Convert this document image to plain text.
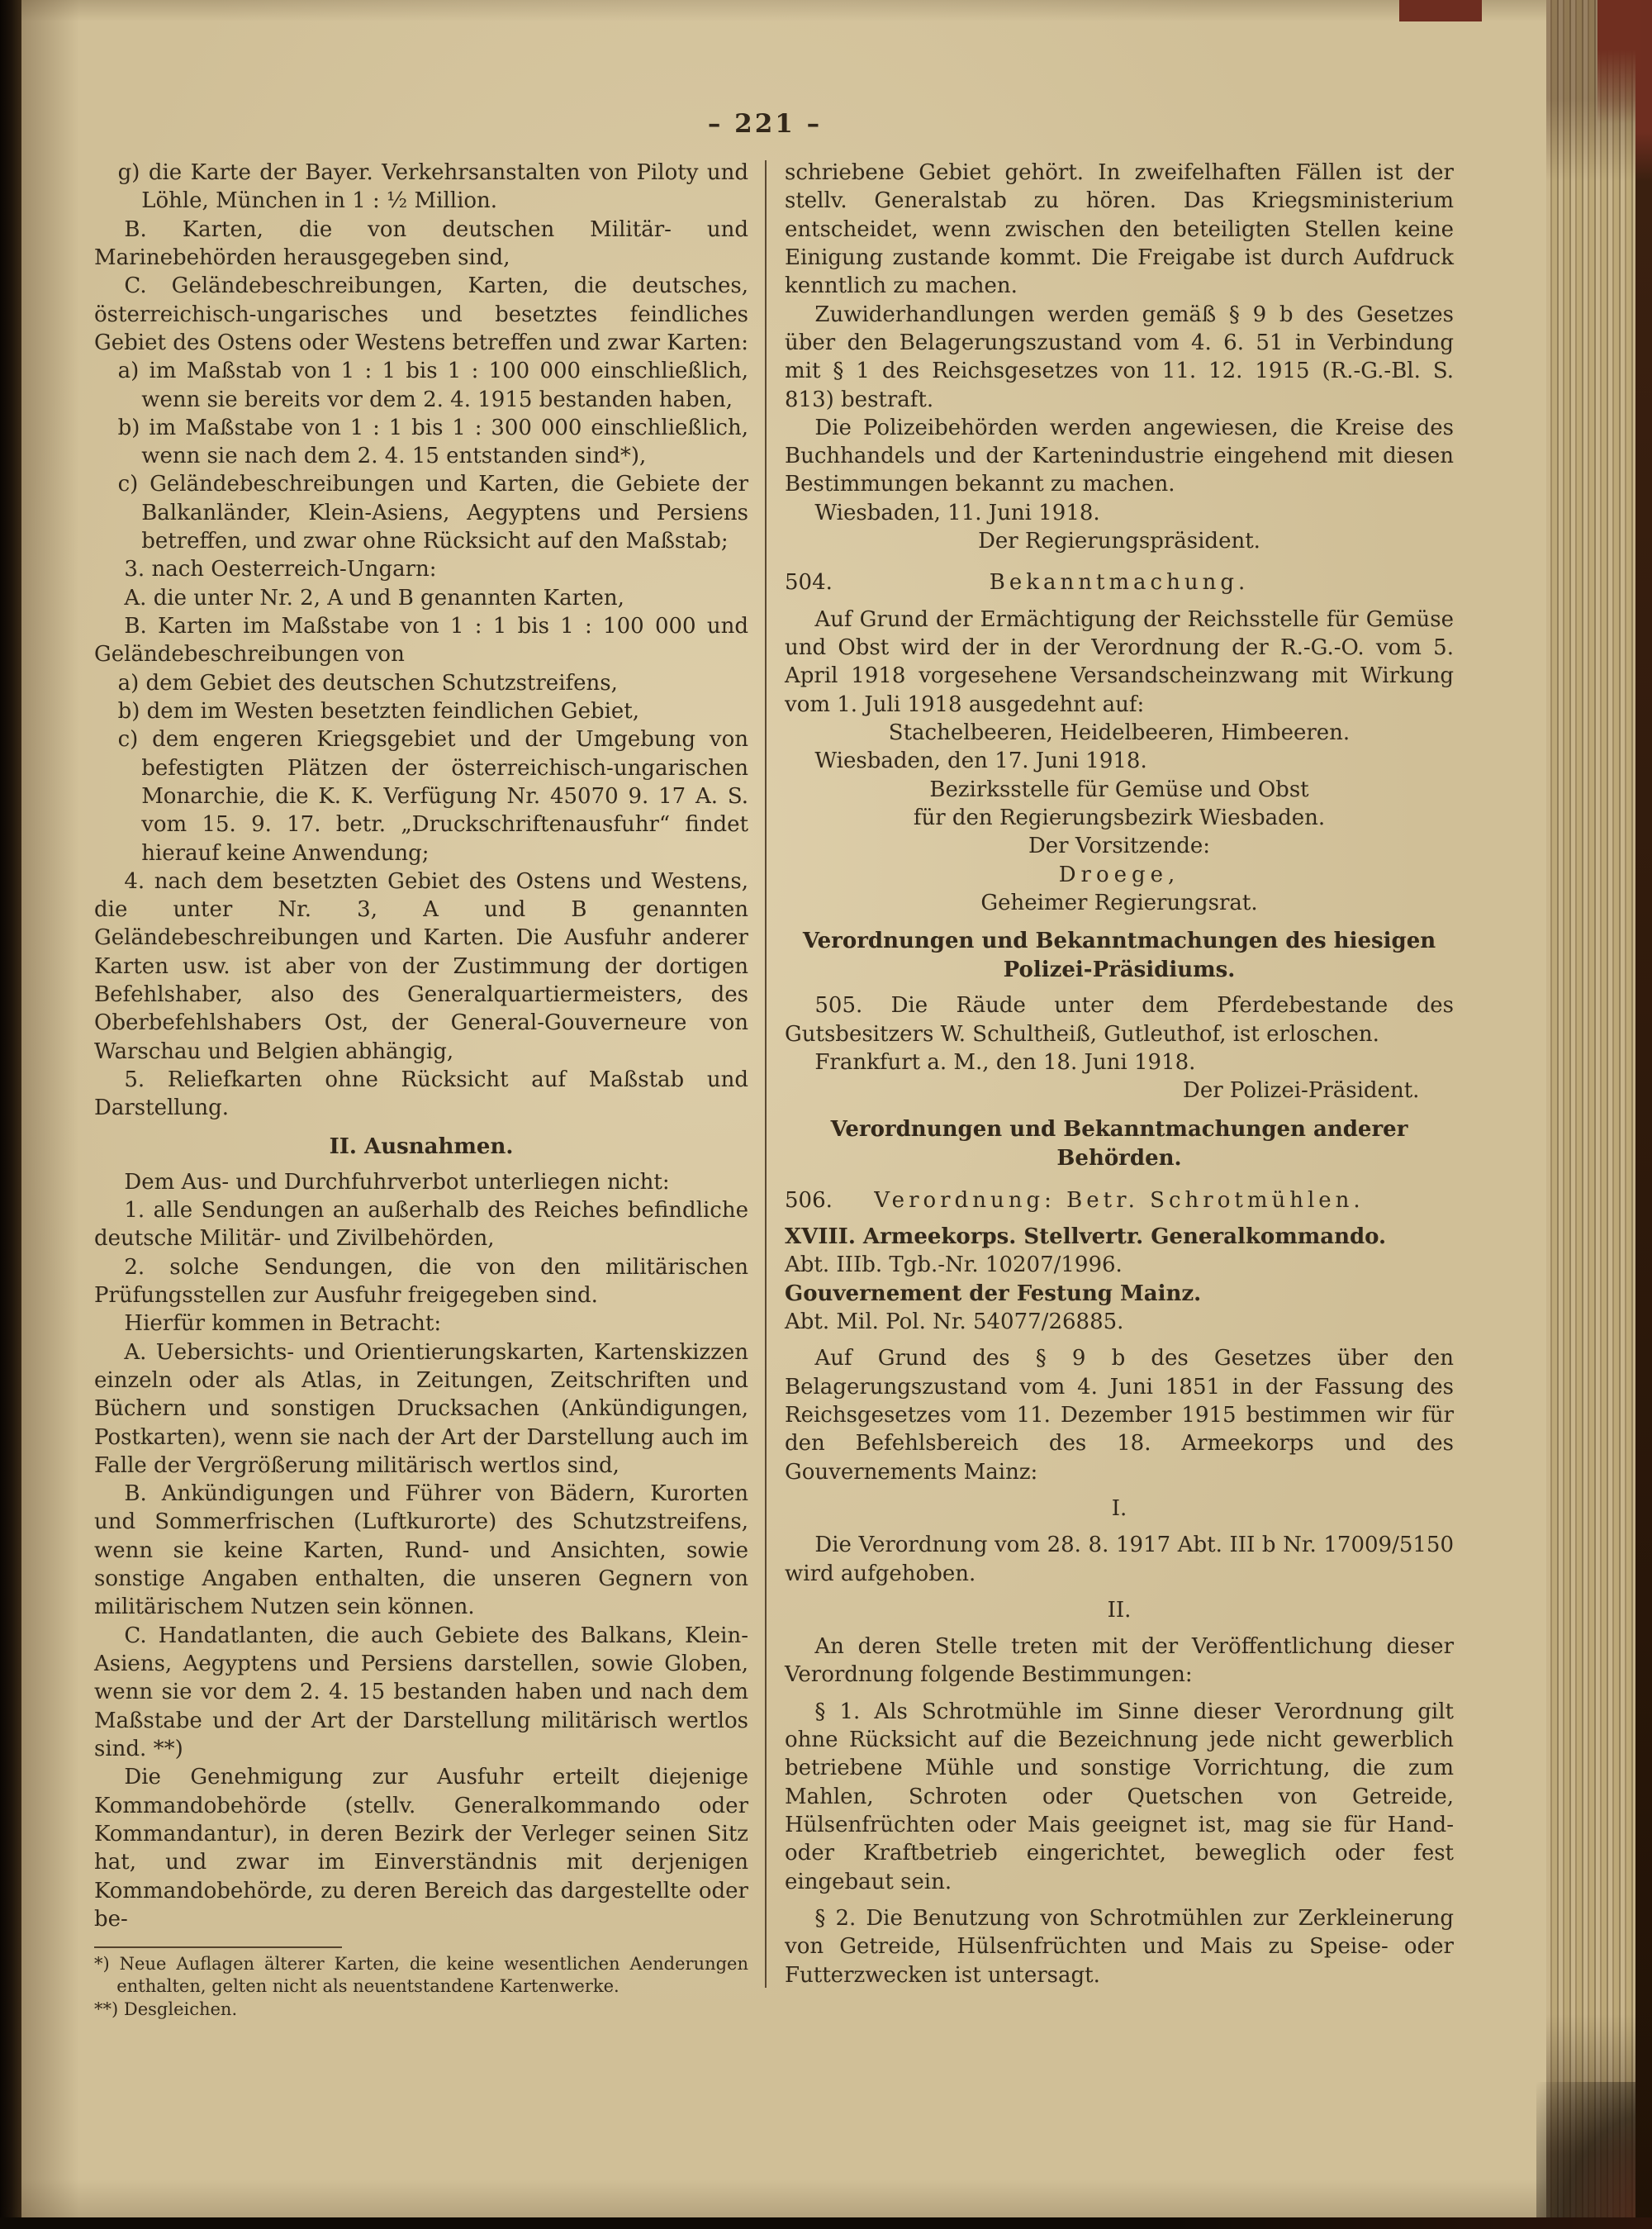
– 221 –
g) die Karte der Bayer. Verkehrsanstalten von Piloty und Löhle, München in 1 : ½ Million.
B. Karten, die von deutschen Militär- und Marinebehörden herausgegeben sind,
C. Geländebeschreibungen, Karten, die deutsches, österreichisch-ungarisches und besetztes feindliches Gebiet des Ostens oder Westens betreffen und zwar Karten:
a) im Maßstab von 1 : 1 bis 1 : 100 000 einschließlich, wenn sie bereits vor dem 2. 4. 1915 bestanden haben,
b) im Maßstabe von 1 : 1 bis 1 : 300 000 einschließlich, wenn sie nach dem 2. 4. 15 entstanden sind*),
c) Geländebeschreibungen und Karten, die Gebiete der Balkanländer, Klein-Asiens, Aegyptens und Persiens betreffen, und zwar ohne Rücksicht auf den Maßstab;
3. nach Oesterreich-Ungarn:
A. die unter Nr. 2, A und B genannten Karten,
B. Karten im Maßstabe von 1 : 1 bis 1 : 100 000 und Geländebeschreibungen von
a) dem Gebiet des deutschen Schutzstreifens,
b) dem im Westen besetzten feindlichen Gebiet,
c) dem engeren Kriegsgebiet und der Umgebung von befestigten Plätzen der österreichisch-ungarischen Monarchie, die K. K. Verfügung Nr. 45070 9. 17 A. S. vom 15. 9. 17. betr. „Druckschriftenausfuhr“ findet hierauf keine Anwendung;
4. nach dem besetzten Gebiet des Ostens und Westens, die unter Nr. 3, A und B genannten Geländebeschreibungen und Karten. Die Ausfuhr anderer Karten usw. ist aber von der Zustimmung der dortigen Befehlshaber, also des Generalquartiermeisters, des Oberbefehlshabers Ost, der General-Gouverneure von Warschau und Belgien abhängig,
5. Reliefkarten ohne Rücksicht auf Maßstab und Darstellung.
II. Ausnahmen.
Dem Aus- und Durchfuhrverbot unterliegen nicht:
1. alle Sendungen an außerhalb des Reiches befindliche deutsche Militär- und Zivilbehörden,
2. solche Sendungen, die von den militärischen Prüfungsstellen zur Ausfuhr freigegeben sind.
Hierfür kommen in Betracht:
A. Uebersichts- und Orientierungskarten, Kartenskizzen einzeln oder als Atlas, in Zeitungen, Zeitschriften und Büchern und sonstigen Drucksachen (Ankündigungen, Postkarten), wenn sie nach der Art der Darstellung auch im Falle der Vergrößerung militärisch wertlos sind,
B. Ankündigungen und Führer von Bädern, Kurorten und Sommerfrischen (Luftkurorte) des Schutzstreifens, wenn sie keine Karten, Rund- und Ansichten, sowie sonstige Angaben enthalten, die unseren Gegnern von militärischem Nutzen sein können.
C. Handatlanten, die auch Gebiete des Balkans, Klein-Asiens, Aegyptens und Persiens darstellen, sowie Globen, wenn sie vor dem 2. 4. 15 bestanden haben und nach dem Maßstabe und der Art der Darstellung militärisch wertlos sind. **)
Die Genehmigung zur Ausfuhr erteilt diejenige Kommandobehörde (stellv. Generalkommando oder Kommandantur), in deren Bezirk der Verleger seinen Sitz hat, und zwar im Einverständnis mit derjenigen Kommandobehörde, zu deren Bereich das dargestellte oder be-
*) Neue Auflagen älterer Karten, die keine wesentlichen Aenderungen enthalten, gelten nicht als neuentstandene Kartenwerke.
**) Desgleichen.
schriebene Gebiet gehört. In zweifelhaften Fällen ist der stellv. Generalstab zu hören. Das Kriegsministerium entscheidet, wenn zwischen den beteiligten Stellen keine Einigung zustande kommt. Die Freigabe ist durch Aufdruck kenntlich zu machen.
Zuwiderhandlungen werden gemäß § 9 b des Gesetzes über den Belagerungszustand vom 4. 6. 51 in Verbindung mit § 1 des Reichsgesetzes von 11. 12. 1915 (R.-G.-Bl. S. 813) bestraft.
Die Polizeibehörden werden angewiesen, die Kreise des Buchhandels und der Kartenindustrie eingehend mit diesen Bestimmungen bekannt zu machen.
Wiesbaden, 11. Juni 1918.
Der Regierungspräsident.
504.	Bekanntmachung.
Auf Grund der Ermächtigung der Reichsstelle für Gemüse und Obst wird der in der Verordnung der R.-G.-O. vom 5. April 1918 vorgesehene Versandscheinzwang mit Wirkung vom 1. Juli 1918 ausgedehnt auf:
Stachelbeeren, Heidelbeeren, Himbeeren.
Wiesbaden, den 17. Juni 1918.
Bezirksstelle für Gemüse und Obst
für den Regierungsbezirk Wiesbaden.
Der Vorsitzende:
Droege,
Geheimer Regierungsrat.
Verordnungen und Bekanntmachungen des hiesigen Polizei-Präsidiums.
505. Die Räude unter dem Pferdebestande des Gutsbesitzers W. Schultheiß, Gutleuthof, ist erloschen.
Frankfurt a. M., den 18. Juni 1918.
Der Polizei-Präsident.
Verordnungen und Bekanntmachungen anderer Behörden.
506. Verordnung: Betr. Schrotmühlen.
XVIII. Armeekorps. Stellvertr. Generalkommando.
Abt. IIIb. Tgb.-Nr. 10207/1996.
Gouvernement der Festung Mainz.
Abt. Mil. Pol. Nr. 54077/26885.
Auf Grund des § 9 b des Gesetzes über den Belagerungszustand vom 4. Juni 1851 in der Fassung des Reichsgesetzes vom 11. Dezember 1915 bestimmen wir für den Befehlsbereich des 18. Armeekorps und des Gouvernements Mainz:
I.
Die Verordnung vom 28. 8. 1917 Abt. III b Nr. 17009/5150 wird aufgehoben.
II.
An deren Stelle treten mit der Veröffentlichung dieser Verordnung folgende Bestimmungen:
§ 1. Als Schrotmühle im Sinne dieser Verordnung gilt ohne Rücksicht auf die Bezeichnung jede nicht gewerblich betriebene Mühle und sonstige Vorrichtung, die zum Mahlen, Schroten oder Quetschen von Getreide, Hülsenfrüchten oder Mais geeignet ist, mag sie für Hand- oder Kraftbetrieb eingerichtet, beweglich oder fest eingebaut sein.
§ 2. Die Benutzung von Schrotmühlen zur Zerkleinerung von Getreide, Hülsenfrüchten und Mais zu Speise- oder Futterzwecken ist untersagt.
